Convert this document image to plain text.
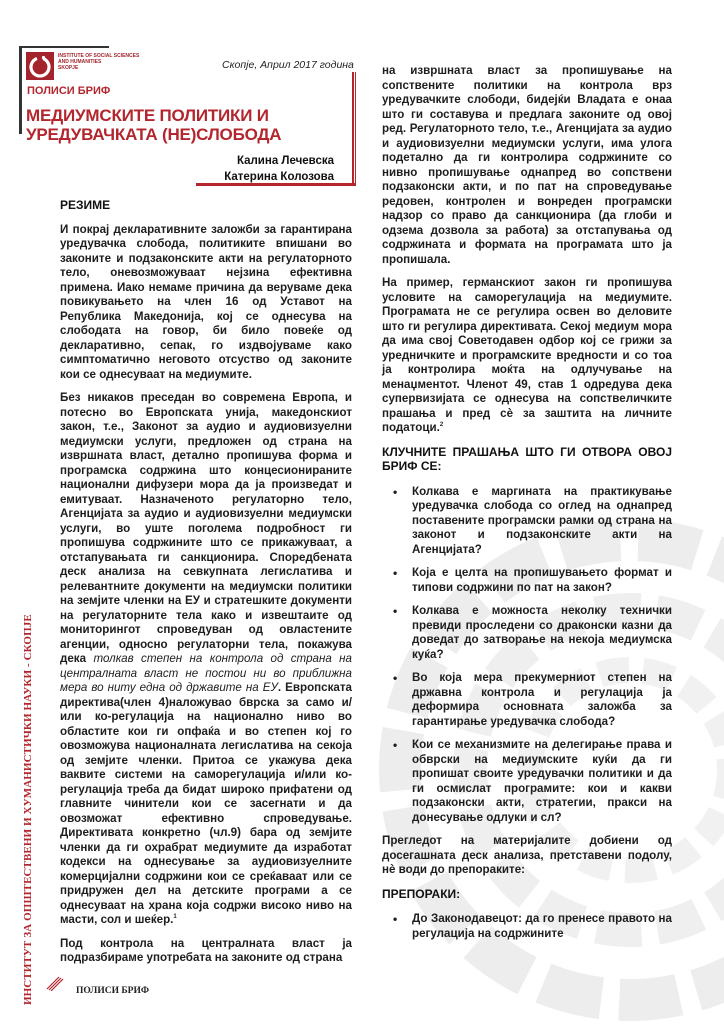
INSTITUTE OF SOCIAL SCIENCES
AND HUMANITIES
SKOPJE
ПОЛИСИ БРИФ
Скопје, Април 2017 година
МЕДИУМСКИТЕ ПОЛИТИКИ И
УРЕДУВАЧКАТА (НЕ)СЛОБОДА
Калина Лечевска
Катерина Колозова
РЕЗИМЕ

И покрај декларативните заложби за гарантирана уредувачка слобода, политиките впишани во законите и подзаконските акти на регулаторното тело, оневозможуваат нејзина ефективна примена. Иако немаме причина да веруваме дека повикувањето на член 16 од Уставот на Република Македонија, кој се однесува на слободата на говор, би било повеќе од декларативно, сепак, го издвојуваме како симптоматично неговото отсуство од законите кои се однесуваат на медиумите.

Без никаков преседан во современа Европа, и потесно во Европската унија, македонскиот закон, т.е., Законот за аудио и аудиовизуелни медиумски услуги, предложен од страна на извршната власт, детално пропишува форма и програмска содржина што концесионираните национални дифузери мора да ја произведат и емитуваат. Назначеното регулаторно тело, Агенцијата за аудио и аудиовизуелни медиумски услуги, во уште поголема подробност ги пропишува содржините што се прикажуваат, а отстапувањата ги санкционира. Споредбената деск анализа на севкупната легислатива и релевантните документи на медиумски политики на земјите членки на ЕУ и стратешките документи на регулаторните тела како и извештаите од мониторингот спроведуван од овластените агенции, односно регулаторни тела, покажува дека толкав степен на контрола од страна на централната власт не постои ни во приближна мера во ниту една од државите на ЕУ. Европската директива(член 4)наложувао бврска за само и/или ко-регулација на национално ниво во областите кои ги опфаќа и во степен кој го овозможува националната легислатива на секоја од земјите членки. Притоа се укажува дека ваквите системи на саморегулација и/или ко-регулација треба да бидат широко прифатени од главните чинители кои се засегнати и да овозможат ефективно спроведување. Директивата конкретно (чл.9) бара од земјите членки да ги охрабрат медиумите да изработат кодекси на однесување за аудиовизуелните комерцијални содржини кои се среќаваат или се придружен дел на детските програми а се однесуваат на храна која содржи високо ниво на масти, сол и шеќер.$^1$

Под контрола на централната власт ја подразбираме употребата на законите од страна

на извршната власт за пропишување на сопствените политики на контрола врз уредувачките слободи, бидејќи Владата е онаа што ги составува и предлага законите од овој ред. Регулаторното тело, т.е., Агенцијата за аудио и аудиовизуелни медиумски услуги, има улога подетално да ги контролира содржините со нивно пропишување однапред во сопствени подзаконски акти, и по пат на спроведување редовен, контролен и вонреден програмски надзор со право да санкционира (да глоби и одзема дозвола за работа) за отстапувања од содржината и формата на програмата што ја пропишала.

На пример, германскиот закон ги пропишува условите на саморегулација на медиумите. Програмата не се регулира освен во деловите што ги регулира директивата. Секој медиум мора да има свој Советодавен одбор кој се грижи за уредничките и програмските вредности и со тоа ја контролира моќта на одлучување на менаџментот. Членот 49, став 1 одредува дека супервизијата се однесува на сопствеличките прашања и пред сè за заштита на личните податоци.$^2$

КЛУЧНИТЕ ПРАШАЊА ШТО ГИ ОТВОРА ОВОЈ БРИФ СЕ:
• Колкава е маргината на практикување уредувачка слобода со оглед на однапред поставените програмски рамки од страна на законот и подзаконските акти на Агенцијата?
• Која е целта на пропишувањето формат и типови содржини по пат на закон?
• Колкава е можноста неколку технички превиди проследени со драконски казни да доведат до затворање на некоја медиумска куќа?
• Во која мера прекумерниот степен на државна контрола и регулација ја деформира основната заложба за гарантирање уредувачка слобода?
• Кои се механизмите на делегирање права и обврски на медиумските куќи да ги пропишат своите уредувачки политики и да ги осмислат програмите: кои и какви подзаконски акти, стратегии, пракси на донесување одлуки и сл?

Прегледот на материјалите добиени од досегашната деск анализа, претставени подолу, нè води до препораките:

ПРЕПОРАКИ:
• До Законодавецот: да го пренесе правото на регулација на содржините
ИНСТИТУТ ЗА ОПШТЕСТВЕНИ И ХУМАНИСТИЧКИ НАУКИ - СКОПЈЕ	ПОЛИСИ БРИФ
